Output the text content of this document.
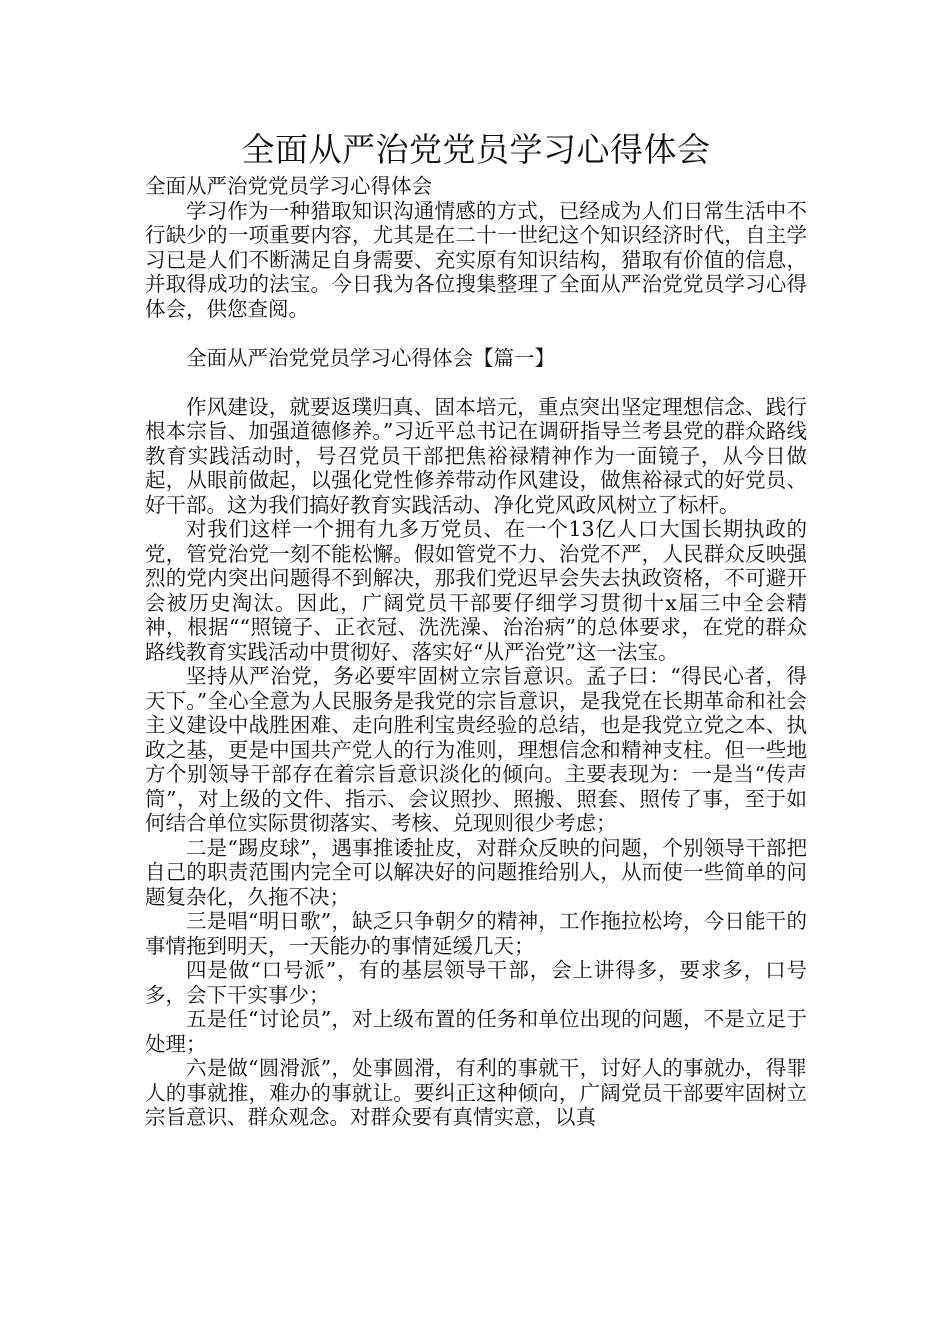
全面从严治党党员学习心得体会
全面从严治党党员学习心得体会

学习作为一种猎取知识沟通情感的方式，已经成为人们日常生活中不行缺少的一项重要内容，尤其是在二十一世纪这个知识经济时代，自主学习已是人们不断满足自身需要、充实原有知识结构，猎取有价值的信息，并取得成功的法宝。今日我为各位搜集整理了全面从严治党党员学习心得体会，供您查阅。

全面从严治党党员学习心得体会【篇一】

作风建设，就要返璞归真、固本培元，重点突出坚定理想信念、践行根本宗旨、加强道德修养。”习近平总书记在调研指导兰考县党的群众路线教育实践活动时，号召党员干部把焦裕禄精神作为一面镜子，从今日做起，从眼前做起，以强化党性修养带动作风建设，做焦裕禄式的好党员、好干部。这为我们搞好教育实践活动、净化党风政风树立了标杆。

对我们这样一个拥有九多万党员、在一个13亿人口大国长期执政的党，管党治党一刻不能松懈。假如管党不力、治党不严，人民群众反映强烈的党内突出问题得不到解决，那我们党迟早会失去执政资格，不可避开会被历史淘汰。因此，广阔党员干部要仔细学习贯彻十x届三中全会精神，根据““照镜子、正衣冠、洗洗澡、治治病”的总体要求，在党的群众路线教育实践活动中贯彻好、落实好“从严治党”这一法宝。

坚持从严治党，务必要牢固树立宗旨意识。孟子曰：“得民心者，得天下。”全心全意为人民服务是我党的宗旨意识，是我党在长期革命和社会主义建设中战胜困难、走向胜利宝贵经验的总结，也是我党立党之本、执政之基，更是中国共产党人的行为准则，理想信念和精神支柱。但一些地方个别领导干部存在着宗旨意识淡化的倾向。主要表现为：一是当“传声筒”，对上级的文件、指示、会议照抄、照搬、照套、照传了事，至于如何结合单位实际贯彻落实、考核、兑现则很少考虑；

二是“踢皮球”，遇事推诿扯皮，对群众反映的问题，个别领导干部把自己的职责范围内完全可以解决好的问题推给别人，从而使一些简单的问题复杂化，久拖不决；

三是唱“明日歌”，缺乏只争朝夕的精神，工作拖拉松垮，今日能干的事情拖到明天，一天能办的事情延缓几天；

四是做“口号派”，有的基层领导干部，会上讲得多，要求多，口号多，会下干实事少；

五是任“讨论员”，对上级布置的任务和单位出现的问题，不是立足于处理；

六是做“圆滑派”，处事圆滑，有利的事就干，讨好人的事就办，得罪人的事就推，难办的事就让。要纠正这种倾向，广阔党员干部要牢固树立宗旨意识、群众观念。对群众要有真情实意，以真
